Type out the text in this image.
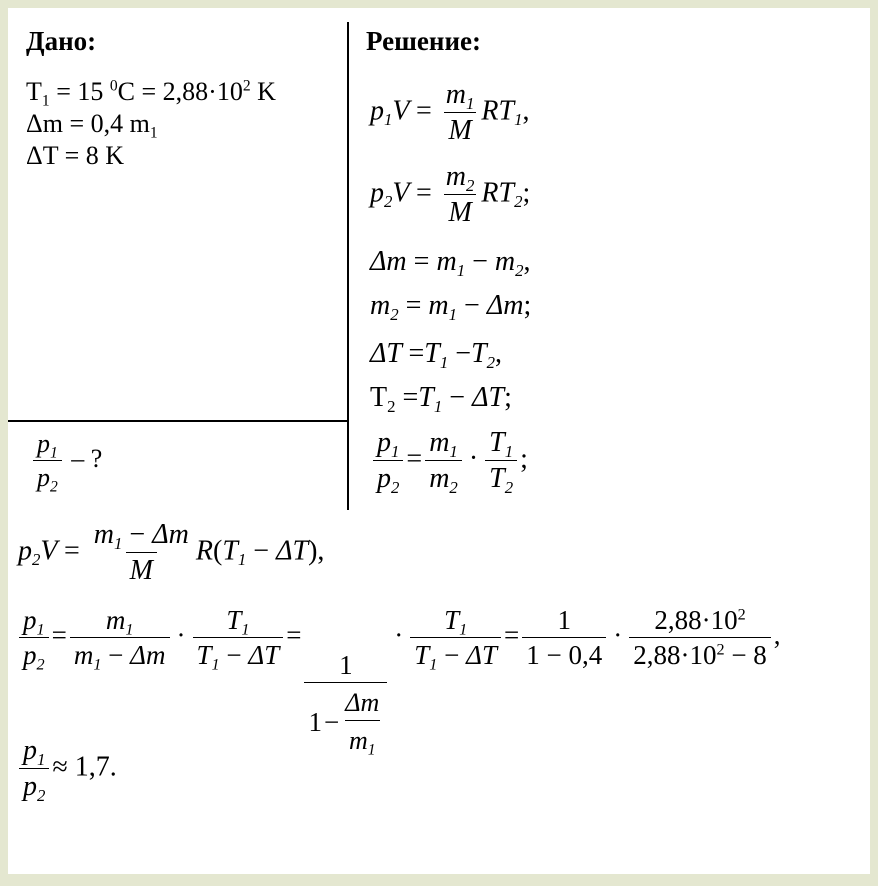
Дано:
$T_1 = 15$ $^0C = 2,88\cdot 10^2$ K
Δm = 0,4 $m_1$
ΔT = 8 K
$\frac{p_1}{p_2}$ – ?
Решение:
$p_1V = \frac{m_1}{M} RT_1$,
$p_2V = \frac{m_2}{M} RT_2$;
$\Delta m = m_1 - m_2$,
$m_2 = m_1 - \Delta m$;
$\Delta T =T_1 -T_2$,
$T_2 =T_1 - \Delta T$;
$\frac{p_1}{p_2} = \frac{m_1}{m_2} \cdot \frac{T_1}{T_2}$ ;
$p_2V = \frac{m_1 - \Delta m}{M} R(T_1 - \Delta T)$,
$\frac{p_1}{p_2} = \frac{m_1}{m_1 - \Delta m} \cdot \frac{T_1}{T_1 - \Delta T}$ =
$\frac{1}{1 - \frac{\Delta m}{m_1}}$
· $\frac{T_1}{T_1 - \Delta T} = \frac{1}{1 - 0,4} \cdot \frac{2,88\cdot 10^2}{2,88\cdot 10^2 - 8}$ ,
$\frac{p_1}{p_2} \approx 1,7$.
